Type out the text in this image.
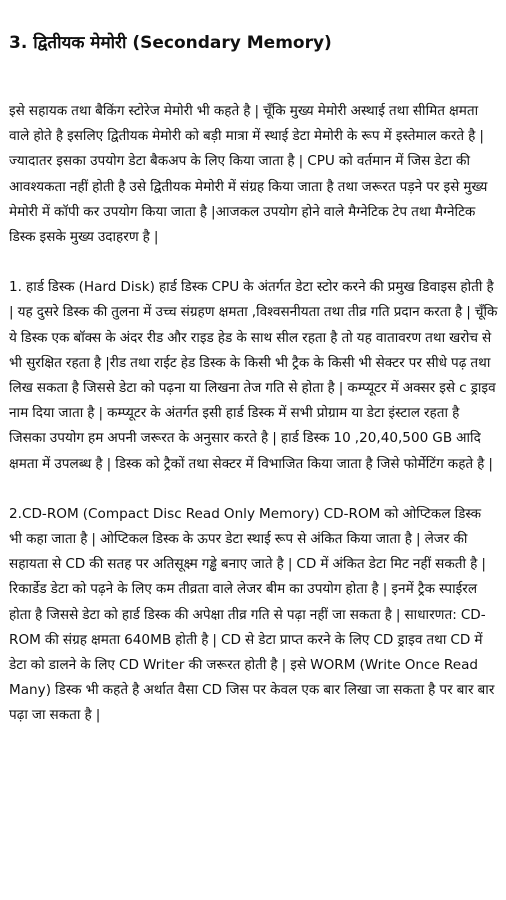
3. द्वितीयक मेमोरी (Secondary Memory)

इसे सहायक तथा बैकिंग स्टोरेज मेमोरी भी कहते है | चूँकि मुख्य मेमोरी अस्थाई तथा सीमित क्षमता वाले होते है इसलिए द्वितीयक मेमोरी को बड़ी मात्रा में स्थाई डेटा मेमोरी के रूप में इस्तेमाल करते है |ज्यादातर इसका उपयोग डेटा बैकअप के लिए किया जाता है | CPU को वर्तमान में जिस डेटा की आवश्यकता नहीं होती है उसे द्वितीयक मेमोरी में संग्रह किया जाता है तथा जरूरत पड़ने पर इसे मुख्य मेमोरी में कॉपी कर उपयोग किया जाता है |आजकल उपयोग होने वाले मैग्नेटिक टेप तथा मैग्नेटिक डिस्क इसके मुख्य उदाहरण है |

1. हार्ड डिस्क (Hard Disk) हार्ड डिस्क CPU के अंतर्गत डेटा स्टोर करने की प्रमुख डिवाइस होती है | यह दुसरे डिस्क की तुलना में उच्च संग्रहण क्षमता ,विश्वसनीयता तथा तीव्र गति प्रदान करता है | चूँकि ये डिस्क एक बॉक्स के अंदर रीड और राइड हेड के साथ सील रहता है तो यह वातावरण तथा खरोच से भी सुरक्षित रहता है |रीड तथा राईट हेड डिस्क के किसी भी ट्रैक के किसी भी सेक्टर पर सीधे पढ़ तथा लिख सकता है जिससे डेटा को पढ़ना या लिखना तेज गति से होता है | कम्प्यूटर में अक्सर इसे c ड्राइव नाम दिया जाता है | कम्प्यूटर के अंतर्गत इसी हार्ड डिस्क में सभी प्रोग्राम या डेटा इंस्टाल रहता है जिसका उपयोग हम अपनी जरूरत के अनुसार करते है | हार्ड डिस्क 10 ,20,40,500 GB आदि क्षमता में उपलब्ध है | डिस्क को ट्रैकों तथा सेक्टर में विभाजित किया जाता है जिसे फोर्मेटिंग कहते है |

2.CD-ROM (Compact Disc Read Only Memory) CD-ROM को ओप्टिकल डिस्क भी कहा जाता है | ओप्टिकल डिस्क के ऊपर डेटा स्थाई रूप से अंकित किया जाता है | लेजर की सहायता से CD की सतह पर अतिसूक्ष्म गड्ढे बनाए जाते है | CD में अंकित डेटा मिट नहीं सकती है | रिकार्डेड डेटा को पढ़ने के लिए कम तीव्रता वाले लेजर बीम का उपयोग होता है | इनमें ट्रैक स्पाईरल होता है जिससे डेटा को हार्ड डिस्क की अपेक्षा तीव्र गति से पढ़ा नहीं जा सकता है | साधारणत: CD-ROM की संग्रह क्षमता 640MB होती है | CD से डेटा प्राप्त करने के लिए CD ड्राइव तथा CD में डेटा को डालने के लिए CD Writer की जरूरत होती है | इसे WORM (Write Once Read Many) डिस्क भी कहते है अर्थात वैसा CD जिस पर केवल एक बार लिखा जा सकता है पर बार बार पढ़ा जा सकता है |
